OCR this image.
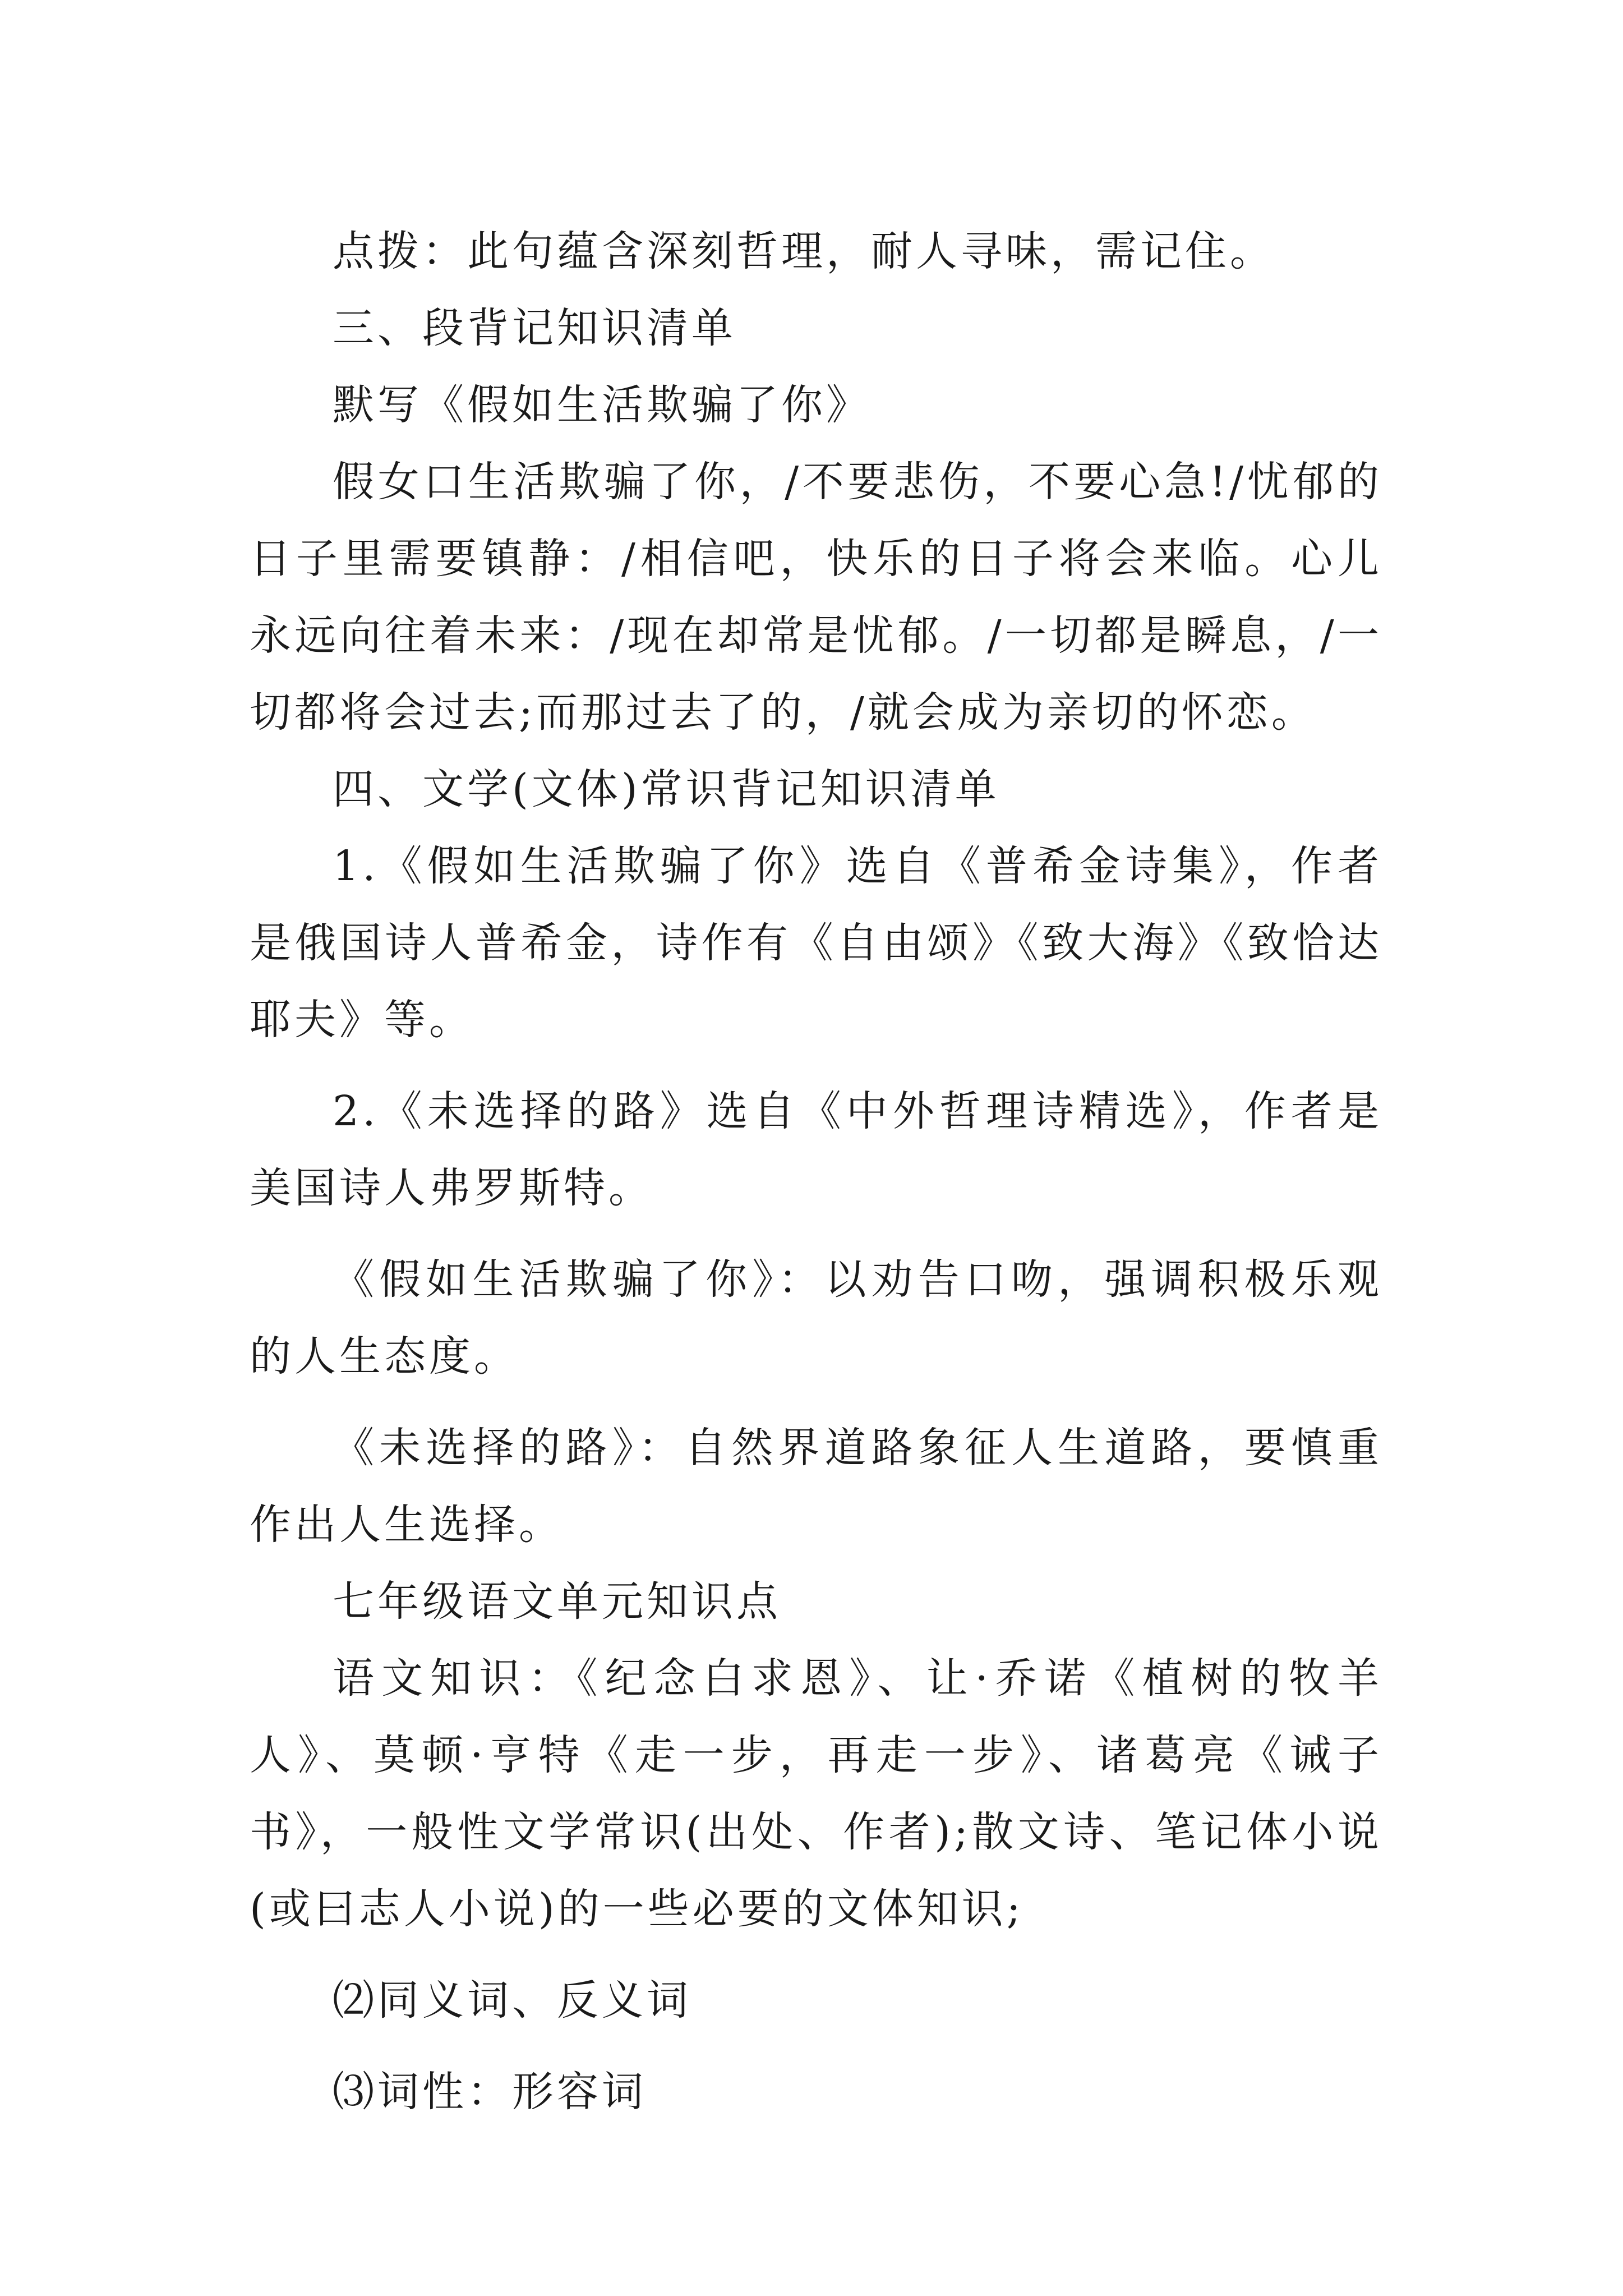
点拨：此句蕴含深刻哲理，耐人寻味，需记住。

三、段背记知识清单

默写《假如生活欺骗了你》

假女口生活欺骗了你，/不要悲伤，不要心急!/忧郁的日子里需要镇静：/相信吧，快乐的日子将会来临。心儿永远向往着未来：/现在却常是忧郁。/一切都是瞬息，/一切都将会过去;而那过去了的，/就会成为亲切的怀恋。

四、文学(文体)常识背记知识清单

1.《假如生活欺骗了你》选自《普希金诗集》，作者是俄国诗人普希金，诗作有《自由颂》《致大海》《致恰达耶夫》等。

2.《未选择的路》选自《中外哲理诗精选》，作者是美国诗人弗罗斯特。

《假如生活欺骗了你》：以劝告口吻，强调积极乐观的人生态度。

《未选择的路》：自然界道路象征人生道路，要慎重作出人生选择。

七年级语文单元知识点

语文知识：《纪念白求恩》、让·乔诺《植树的牧羊人》、莫顿·亨特《走一步，再走一步》、诸葛亮《诫子书》，一般性文学常识(出处、作者);散文诗、笔记体小说(或曰志人小说)的一些必要的文体知识;

⑵同义词、反义词

⑶词性：形容词
